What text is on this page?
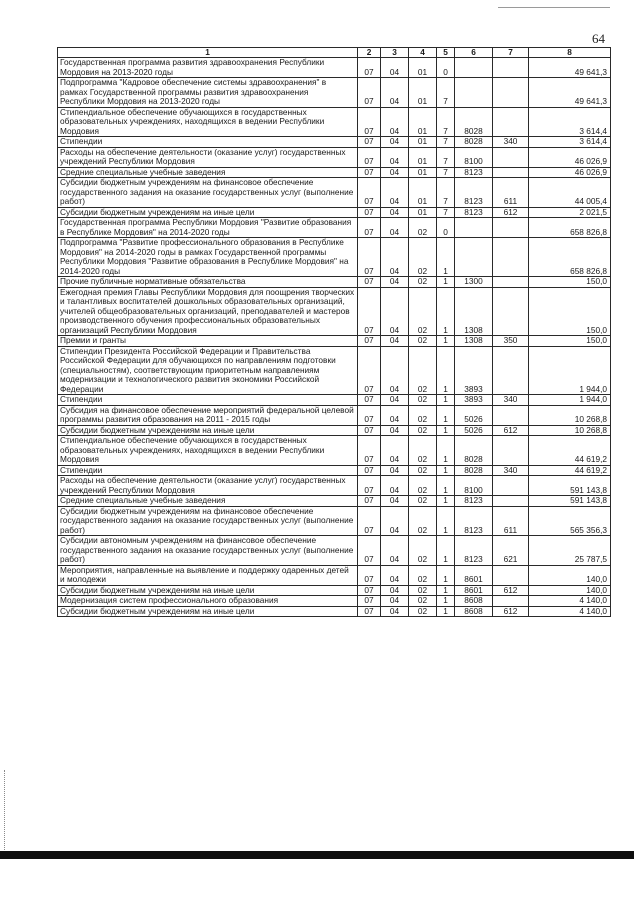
64
1	2	3	4	5	6	7	8
Государственная программа развития здравоохранения Республики Мордовия на 2013-2020 годы	07	04	01	0			49 641,3
Подпрограмма "Кадровое обеспечение системы здравоохранения" в рамках Государственной программы развития здравоохранения Республики Мордовия на 2013-2020 годы	07	04	01	7			49 641,3
Стипендиальное обеспечение обучающихся в государственных образовательных учреждениях, находящихся в ведении Республики Мордовия	07	04	01	7	8028		3 614,4
Стипендии	07	04	01	7	8028	340	3 614,4
Расходы на обеспечение деятельности (оказание услуг) государственных учреждений Республики Мордовия	07	04	01	7	8100		46 026,9
Средние специальные учебные заведения	07	04	01	7	8123		46 026,9
Субсидии бюджетным учреждениям на финансовое обеспечение государственного задания на оказание государственных услуг (выполнение работ)	07	04	01	7	8123	611	44 005,4
Субсидии бюджетным учреждениям на иные цели	07	04	01	7	8123	612	2 021,5
Государственная программа Республики Мордовия "Развитие образования в Республике Мордовия" на 2014-2020 годы	07	04	02	0			658 826,8
Подпрограмма "Развитие профессионального образования в Республике Мордовия" на 2014-2020 годы в рамках Государственной программы Республики Мордовия "Развитие образования в Республике Мордовия" на 2014-2020 годы	07	04	02	1			658 826,8
Прочие публичные нормативные обязательства	07	04	02	1	1300		150,0
Ежегодная премия Главы Республики Мордовия для поощрения творческих и талантливых воспитателей дошкольных образовательных организаций, учителей общеобразовательных организаций, преподавателей и мастеров производственного обучения профессиональных образовательных организаций Республики Мордовия	07	04	02	1	1308		150,0
Премии и гранты	07	04	02	1	1308	350	150,0
Стипендии Президента Российской Федерации и Правительства Российской Федерации для обучающихся по направлениям подготовки (специальностям), соответствующим приоритетным направлениям модернизации и технологического развития экономики Российской Федерации	07	04	02	1	3893		1 944,0
Стипендии	07	04	02	1	3893	340	1 944,0
Субсидия на финансовое обеспечение мероприятий федеральной целевой программы развития образования на 2011 - 2015 годы	07	04	02	1	5026		10 268,8
Субсидии бюджетным учреждениям на иные цели	07	04	02	1	5026	612	10 268,8
Стипендиальное обеспечение обучающихся в государственных образовательных учреждениях, находящихся в ведении Республики Мордовия	07	04	02	1	8028		44 619,2
Стипендии	07	04	02	1	8028	340	44 619,2
Расходы на обеспечение деятельности (оказание услуг) государственных учреждений Республики Мордовия	07	04	02	1	8100		591 143,8
Средние специальные учебные заведения	07	04	02	1	8123		591 143,8
Субсидии бюджетным учреждениям на финансовое обеспечение государственного задания на оказание государственных услуг (выполнение работ)	07	04	02	1	8123	611	565 356,3
Субсидии автономным учреждениям на финансовое обеспечение государственного задания на оказание государственных услуг (выполнение работ)	07	04	02	1	8123	621	25 787,5
Мероприятия, направленные на выявление и поддержку одаренных детей и молодежи	07	04	02	1	8601		140,0
Субсидии бюджетным учреждениям на иные цели	07	04	02	1	8601	612	140,0
Модернизация систем профессионального образования	07	04	02	1	8608		4 140,0
Субсидии бюджетным учреждениям на иные цели	07	04	02	1	8608	612	4 140,0
